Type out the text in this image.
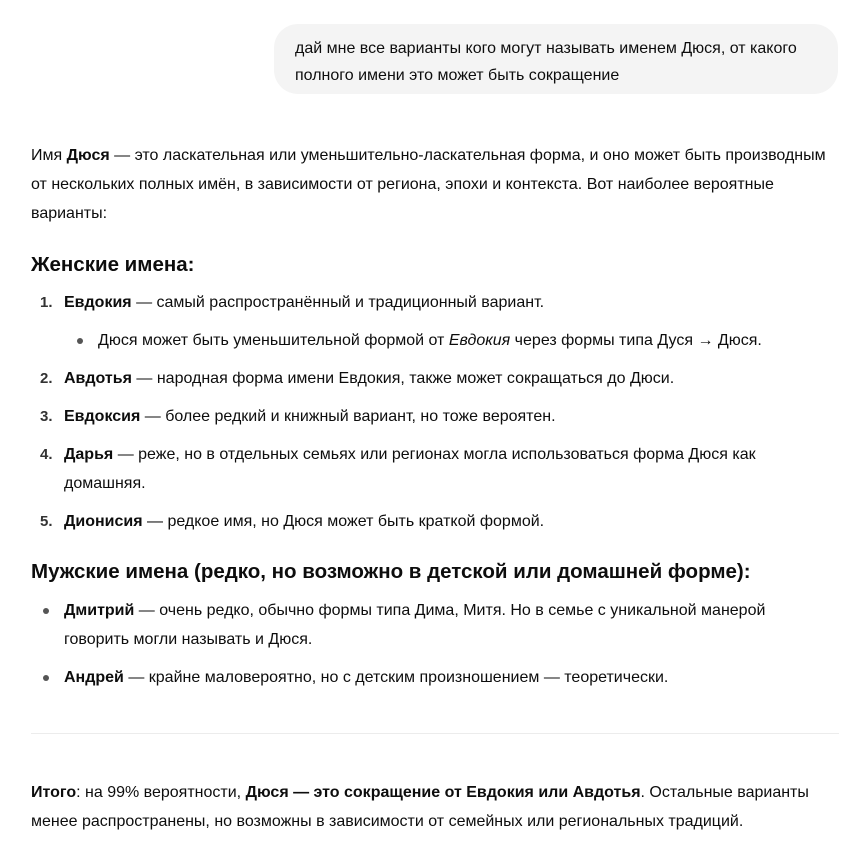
дай мне все варианты кого могут называть именем Дюся, от какого полного имени это может быть сокращение

Имя Дюся — это ласкательная или уменьшительно-ласкательная форма, и оно может быть производным от нескольких полных имён, в зависимости от региона, эпохи и контекста. Вот наиболее вероятные варианты:

Женские имена:
1. Евдокия — самый распространённый и традиционный вариант.
Дюся может быть уменьшительной формой от Евдокия через формы типа Дуся → Дюся.
2. Авдотья — народная форма имени Евдокия, также может сокращаться до Дюси.
3. Евдоксия — более редкий и книжный вариант, но тоже вероятен.
4. Дарья — реже, но в отдельных семьях или регионах могла использоваться форма Дюся как домашняя.
5. Дионисия — редкое имя, но Дюся может быть краткой формой.
Мужские имена (редко, но возможно в детской или домашней форме):
Дмитрий — очень редко, обычно формы типа Дима, Митя. Но в семье с уникальной манерой говорить могли называть и Дюся.
Андрей — крайне маловероятно, но с детским произношением — теоретически.

Итого: на 99% вероятности, Дюся — это сокращение от Евдокия или Авдотья. Остальные варианты менее распространены, но возможны в зависимости от семейных или региональных традиций.
